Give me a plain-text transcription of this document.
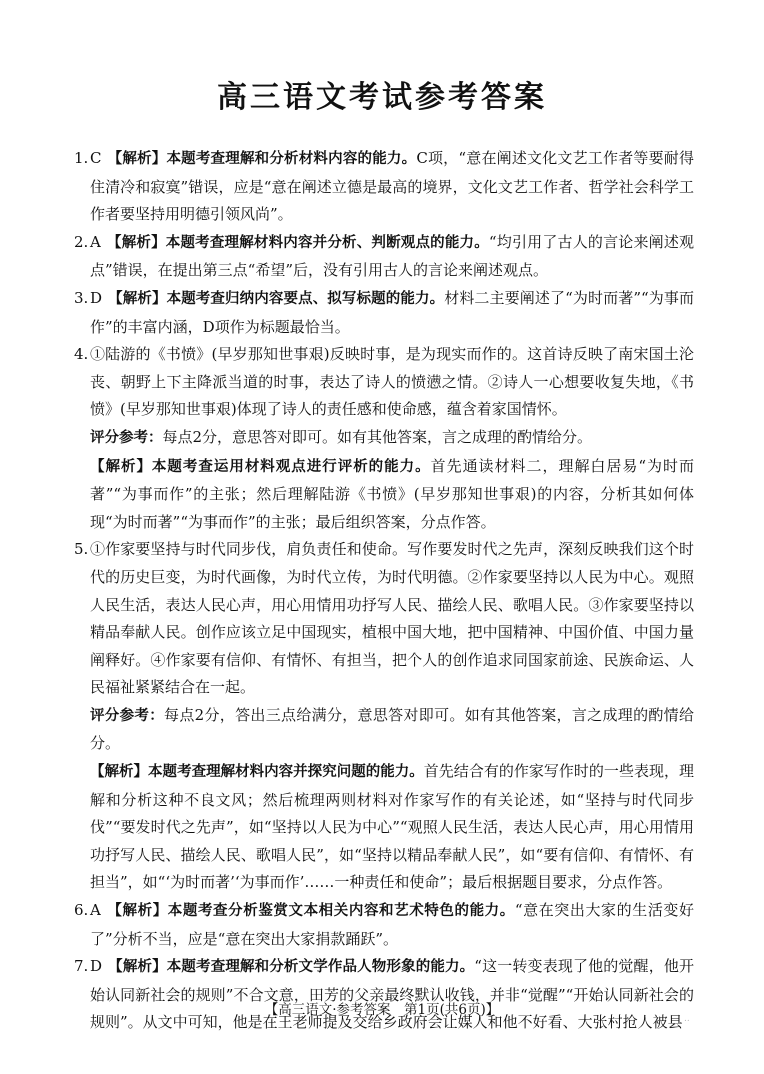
高三语文考试参考答案
1. C 【解析】本题考查理解和分析材料内容的能力。C项，“意在阐述文化文艺工作者等要耐得住清冷和寂寞”错误，应是“意在阐述立德是最高的境界，文化文艺工作者、哲学社会科学工作者要坚持用明德引领风尚”。
2. A 【解析】本题考查理解材料内容并分析、判断观点的能力。“均引用了古人的言论来阐述观点”错误，在提出第三点“希望”后，没有引用古人的言论来阐述观点。
3. D 【解析】本题考查归纳内容要点、拟写标题的能力。材料二主要阐述了“为时而著”“为事而作”的丰富内涵，D项作为标题最恰当。
4. ①陆游的《书愤》(早岁那知世事艰)反映时事，是为现实而作的。这首诗反映了南宋国土沦丧、朝野上下主降派当道的时事，表达了诗人的愤懑之情。②诗人一心想要收复失地，《书愤》(早岁那知世事艰)体现了诗人的责任感和使命感，蕴含着家国情怀。
评分参考：每点2分，意思答对即可。如有其他答案，言之成理的酌情给分。
【解析】本题考查运用材料观点进行评析的能力。首先通读材料二，理解白居易“为时而著”“为事而作”的主张；然后理解陆游《书愤》(早岁那知世事艰)的内容，分析其如何体现“为时而著”“为事而作”的主张；最后组织答案，分点作答。
5. ①作家要坚持与时代同步伐，肩负责任和使命。写作要发时代之先声，深刻反映我们这个时代的历史巨变，为时代画像，为时代立传，为时代明德。②作家要坚持以人民为中心。观照人民生活，表达人民心声，用心用情用功抒写人民、描绘人民、歌唱人民。③作家要坚持以精品奉献人民。创作应该立足中国现实，植根中国大地，把中国精神、中国价值、中国力量阐释好。④作家要有信仰、有情怀、有担当，把个人的创作追求同国家前途、民族命运、人民福祉紧紧结合在一起。
评分参考：每点2分，答出三点给满分，意思答对即可。如有其他答案，言之成理的酌情给分。
【解析】本题考查理解材料内容并探究问题的能力。首先结合有的作家写作时的一些表现，理解和分析这种不良文风；然后梳理两则材料对作家写作的有关论述，如“坚持与时代同步伐”“要发时代之先声”，如“坚持以人民为中心”“观照人民生活，表达人民心声，用心用情用功抒写人民、描绘人民、歌唱人民”，如“坚持以精品奉献人民”，如“要有信仰、有情怀、有担当”，如“‘为时而著’‘为事而作’……一种责任和使命”；最后根据题目要求，分点作答。
6. A 【解析】本题考查分析鉴赏文本相关内容和艺术特色的能力。“意在突出大家的生活变好了”分析不当，应是“意在突出大家捐款踊跃”。
7. D 【解析】本题考查理解和分析文学作品人物形象的能力。“这一转变表现了他的觉醒，他开始认同新社会的规则”不合文意，田芳的父亲最终默认收钱，并非“觉醒”“开始认同新社会的规则”。从文中可知，他是在王老师提及交给乡政府会让媒人和他不好看、大张村抢人被县
【高三语文·参考答案　第1页(共6页)】
..
